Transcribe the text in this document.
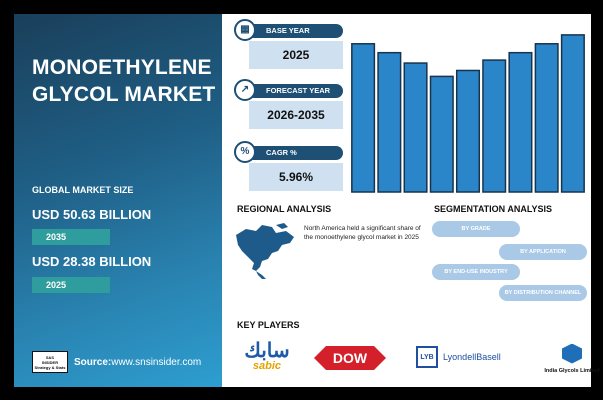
MONOETHYLENE GLYCOL MARKET
GLOBAL MARKET SIZE
USD 50.63 BILLION
2035
USD 28.38 BILLION
2025
S&S
INSIDER
Strategy & Stats Source:www.snsinsider.com
▦	BASE YEAR
2025
↗	FORECAST YEAR
2026-2035
%	CAGR %
5.96%
REGIONAL ANALYSIS
North America held a significant share of the monoethylene glycol market in 2025
SEGMENTATION ANALYSIS
BY GRADE
BY APPLICATION
BY END-USE INDUSTRY
BY DISTRIBUTION CHANNEL
KEY PLAYERS
سابك
sabic	DOW	LYB	LyondellBasell
India Glycols Limited
